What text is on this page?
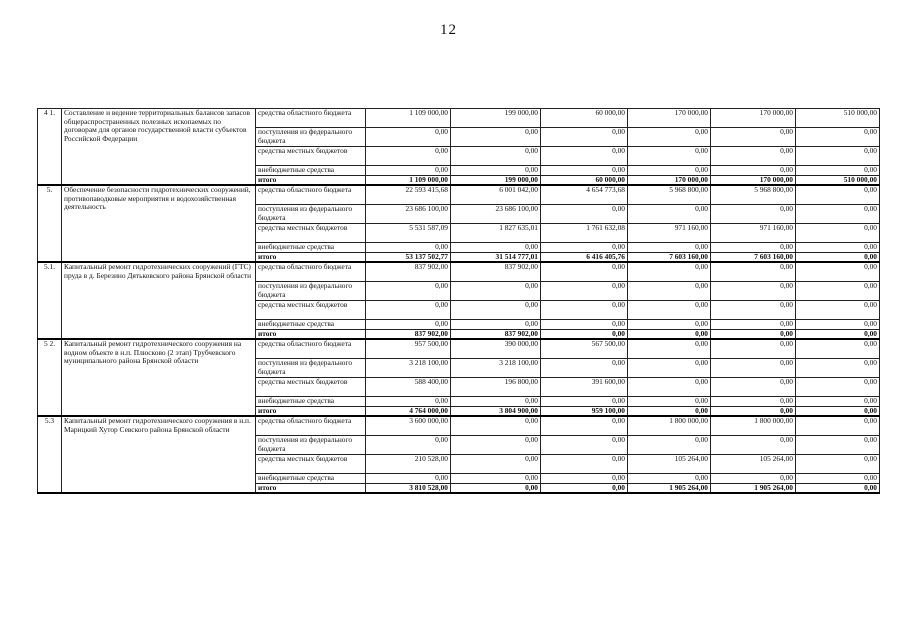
12
4 1.	Составление и ведение территориальных балансов запасов общераспространенных полезных ископаемых по договорам для органов государственной власти субъектов Российской Федерации	средства областного бюджета	1 109 000,00	199 000,00	60 000,00	170 000,00	170 000,00	510 000,00
		поступления из федерального бюджета	0,00	0,00	0,00	0,00	0,00	0,00
		средства местных бюджетов	0,00	0,00	0,00	0,00	0,00	0,00
		внебюджетные средства	0,00	0,00	0,00	0,00	0,00	0,00
		итого	1 109 000,00	199 000,00	60 000,00	170 000,00	170 000,00	510 000,00
5.	Обеспечение безопасности гидротехнических сооружений, противопаводковые мероприятия и водохозяйственная деятельность	средства областного бюджета	22 593 415,68	6 001 042,00	4 654 773,68	5 968 800,00	5 968 800,00	0,00
		поступления из федерального бюджета	23 686 100,00	23 686 100,00	0,00	0,00	0,00	0,00
		средства местных бюджетов	5 531 587,09	1 827 635,01	1 761 632,08	971 160,00	971 160,00	0,00
		внебюджетные средства	0,00	0,00	0,00	0,00	0,00	0,00
		итого	53 137 502,77	31 514 777,01	6 416 405,76	7 603 160,00	7 603 160,00	0,00
5.1.	Капитальный ремонт гидротехнических сооружений (ГТС) пруда в д. Березино Дятьковского района Брянской области	средства областного бюджета	837 902,00	837 902,00	0,00	0,00	0,00	0,00
		поступления из федерального бюджета	0,00	0,00	0,00	0,00	0,00	0,00
		средства местных бюджетов	0,00	0,00	0,00	0,00	0,00	0,00
		внебюджетные средства	0,00	0,00	0,00	0,00	0,00	0,00
		итого	837 902,00	837 902,00	0,00	0,00	0,00	0,00
5 2.	Капитальный ремонт гидротехнического сооружения на водном объекте в н.п. Плюсково (2 этап) Трубчевского муниципального района Брянской области	средства областного бюджета	957 500,00	390 000,00	567 500,00	0,00	0,00	0,00
		поступления из федерального бюджета	3 218 100,00	3 218 100,00	0,00	0,00	0,00	0,00
		средства местных бюджетов	588 400,00	196 800,00	391 600,00	0,00	0,00	0,00
		внебюджетные средства	0,00	0,00	0,00	0,00	0,00	0,00
		итого	4 764 000,00	3 804 900,00	959 100,00	0,00	0,00	0,00
5.3	Капитальный ремонт гидротехнического сооружения в н.п. Марицкий Хутор Севского района Брянской области	средства областного бюджета	3 600 000,00	0,00	0,00	1 800 000,00	1 800 000,00	0,00
		поступления из федерального бюджета	0,00	0,00	0,00	0,00	0,00	0,00
		средства местных бюджетов	210 528,00	0,00	0,00	105 264,00	105 264,00	0,00
		внебюджетные средства	0,00	0,00	0,00	0,00	0,00	0,00
		итого	3 810 528,00	0,00	0,00	1 905 264,00	1 905 264,00	0,00
